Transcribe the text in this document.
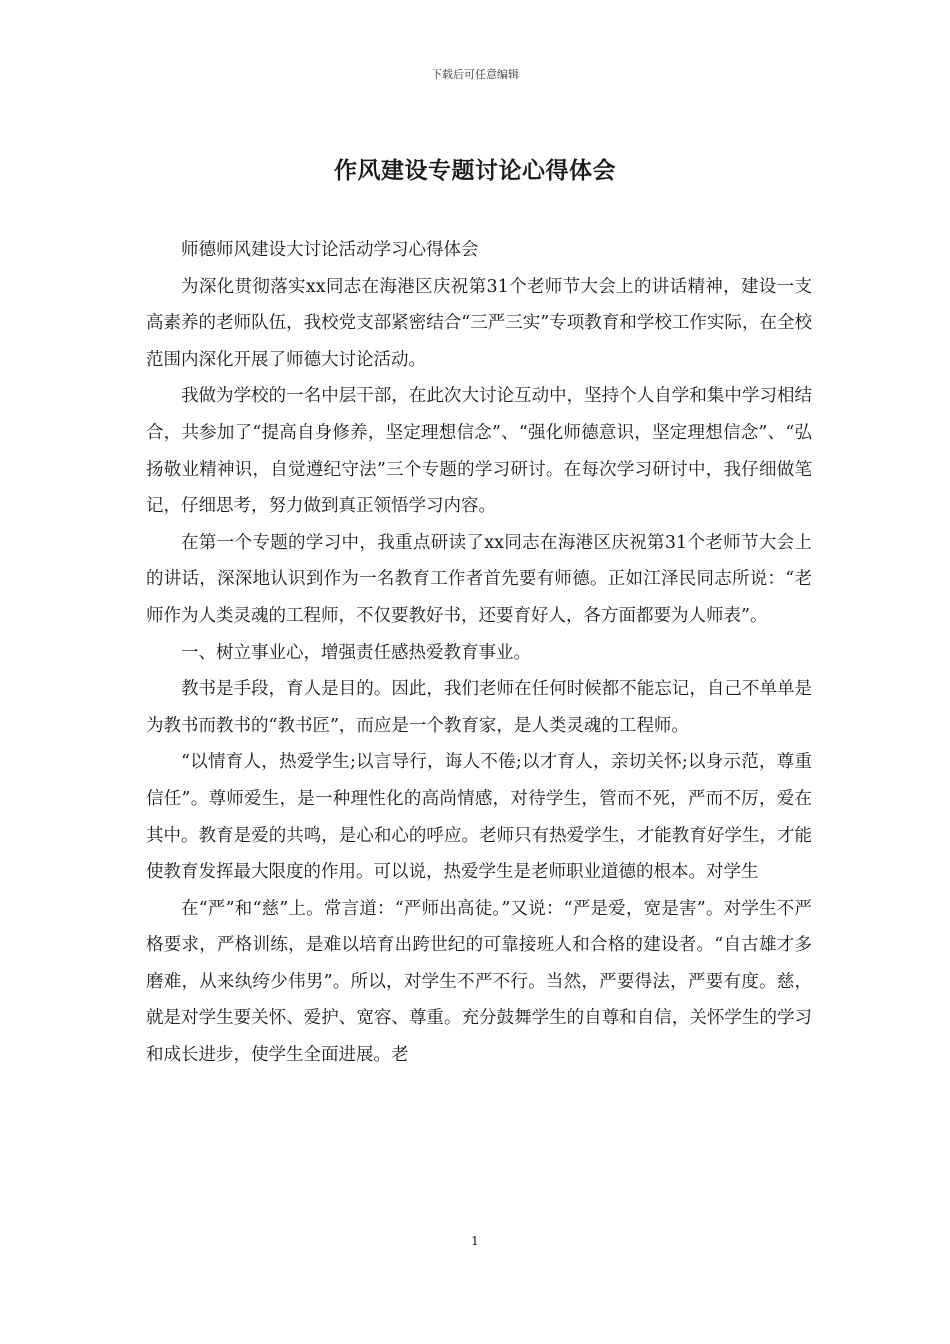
下载后可任意编辑
作风建设专题讨论心得体会

师德师风建设大讨论活动学习心得体会

为深化贯彻落实xx同志在海港区庆祝第31个老师节大会上的讲话精神，建设一支高素养的老师队伍，我校党支部紧密结合“三严三实”专项教育和学校工作实际，在全校范围内深化开展了师德大讨论活动。

我做为学校的一名中层干部，在此次大讨论互动中，坚持个人自学和集中学习相结合，共参加了“提高自身修养，坚定理想信念”、“强化师德意识，坚定理想信念”、“弘扬敬业精神识，自觉遵纪守法”三个专题的学习研讨。在每次学习研讨中，我仔细做笔记，仔细思考，努力做到真正领悟学习内容。

在第一个专题的学习中，我重点研读了xx同志在海港区庆祝第31个老师节大会上的讲话，深深地认识到作为一名教育工作者首先要有师德。正如江泽民同志所说：“老师作为人类灵魂的工程师，不仅要教好书，还要育好人，各方面都要为人师表”。

一、树立事业心，增强责任感热爱教育事业。

教书是手段，育人是目的。因此，我们老师在任何时候都不能忘记，自己不单单是为教书而教书的“教书匠”，而应是一个教育家，是人类灵魂的工程师。

“以情育人，热爱学生;以言导行，诲人不倦;以才育人，亲切关怀;以身示范，尊重信任”。尊师爱生，是一种理性化的高尚情感，对待学生，管而不死，严而不厉，爱在其中。教育是爱的共鸣，是心和心的呼应。老师只有热爱学生，才能教育好学生，才能使教育发挥最大限度的作用。可以说，热爱学生是老师职业道德的根本。对学生

在“严”和“慈”上。常言道：“严师出高徒。”又说：“严是爱，宽是害”。对学生不严格要求，严格训练，是难以培育出跨世纪的可靠接班人和合格的建设者。“自古雄才多磨难，从来纨绔少伟男”。所以，对学生不严不行。当然，严要得法，严要有度。慈，就是对学生要关怀、爱护、宽容、尊重。充分鼓舞学生的自尊和自信，关怀学生的学习和成长进步，使学生全面进展。老

1
